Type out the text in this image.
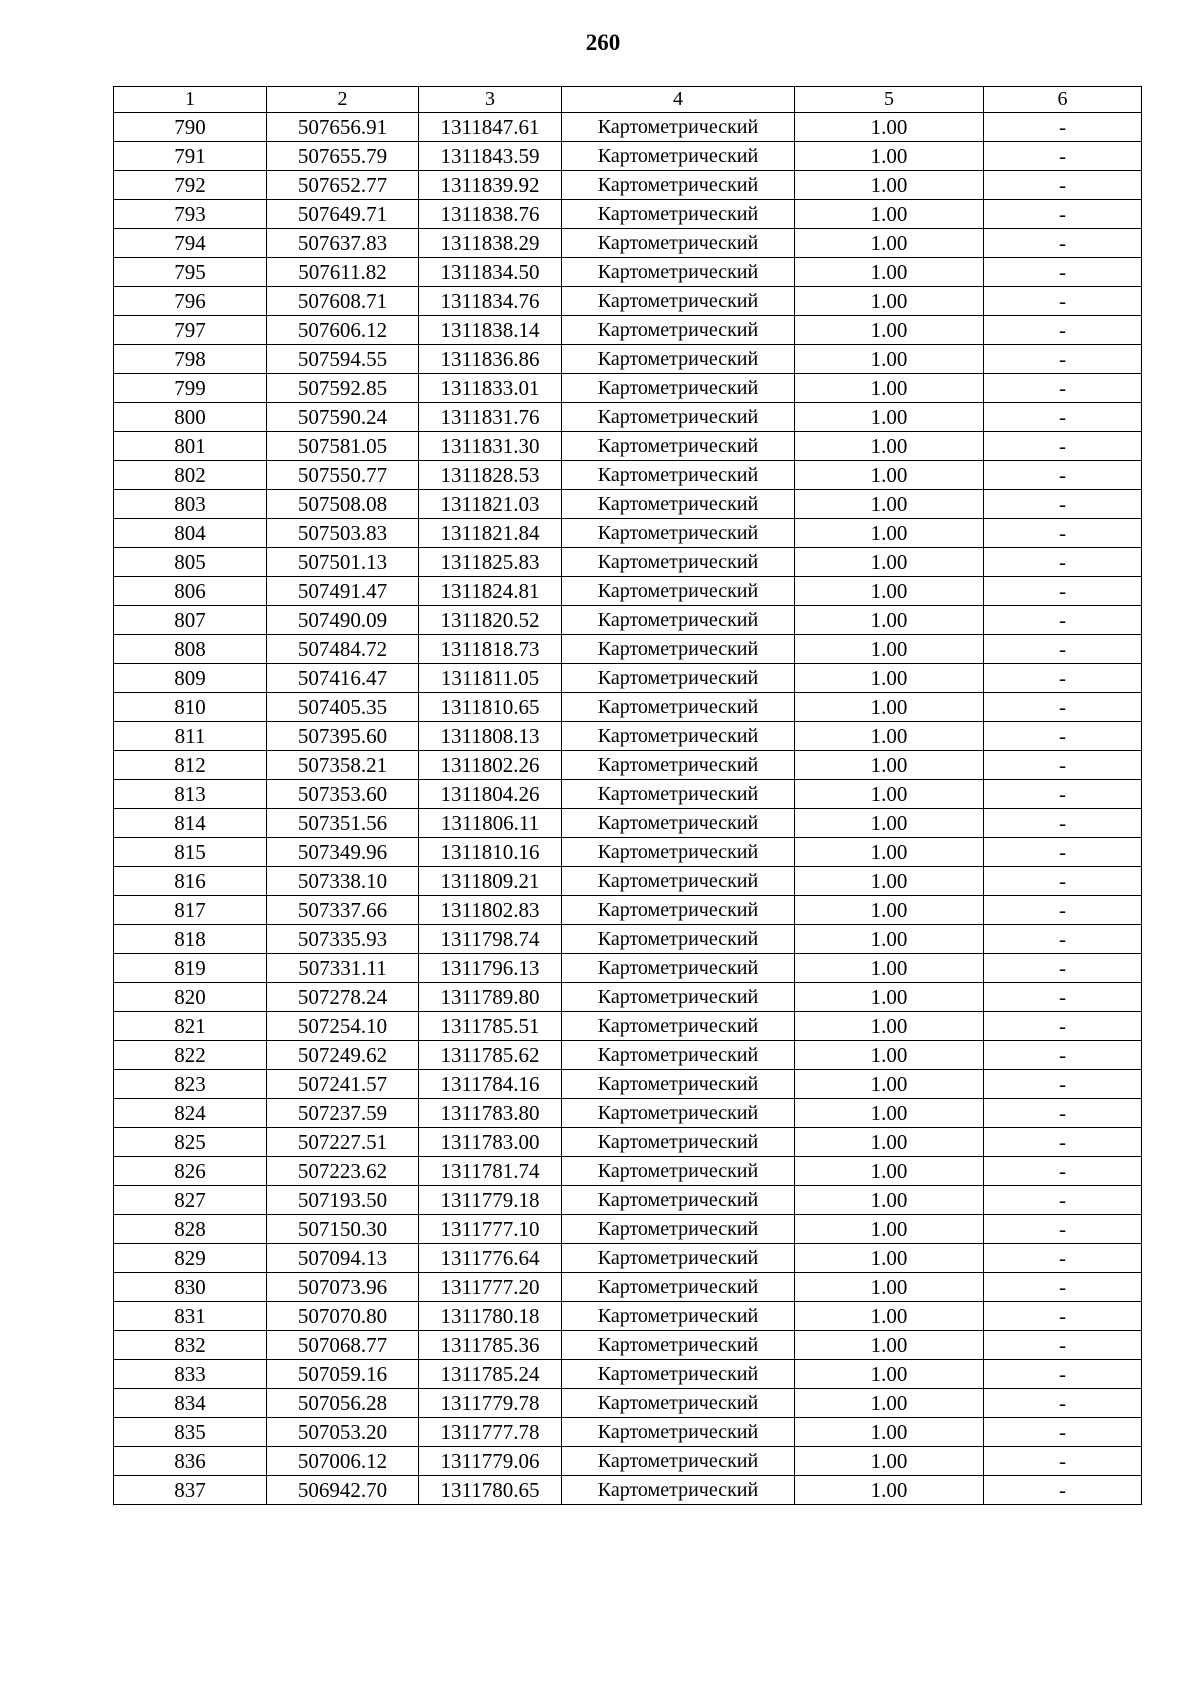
260
1	2	3	4	5	6
790	507656.91	1311847.61	Картометрический	1.00	-
791	507655.79	1311843.59	Картометрический	1.00	-
792	507652.77	1311839.92	Картометрический	1.00	-
793	507649.71	1311838.76	Картометрический	1.00	-
794	507637.83	1311838.29	Картометрический	1.00	-
795	507611.82	1311834.50	Картометрический	1.00	-
796	507608.71	1311834.76	Картометрический	1.00	-
797	507606.12	1311838.14	Картометрический	1.00	-
798	507594.55	1311836.86	Картометрический	1.00	-
799	507592.85	1311833.01	Картометрический	1.00	-
800	507590.24	1311831.76	Картометрический	1.00	-
801	507581.05	1311831.30	Картометрический	1.00	-
802	507550.77	1311828.53	Картометрический	1.00	-
803	507508.08	1311821.03	Картометрический	1.00	-
804	507503.83	1311821.84	Картометрический	1.00	-
805	507501.13	1311825.83	Картометрический	1.00	-
806	507491.47	1311824.81	Картометрический	1.00	-
807	507490.09	1311820.52	Картометрический	1.00	-
808	507484.72	1311818.73	Картометрический	1.00	-
809	507416.47	1311811.05	Картометрический	1.00	-
810	507405.35	1311810.65	Картометрический	1.00	-
811	507395.60	1311808.13	Картометрический	1.00	-
812	507358.21	1311802.26	Картометрический	1.00	-
813	507353.60	1311804.26	Картометрический	1.00	-
814	507351.56	1311806.11	Картометрический	1.00	-
815	507349.96	1311810.16	Картометрический	1.00	-
816	507338.10	1311809.21	Картометрический	1.00	-
817	507337.66	1311802.83	Картометрический	1.00	-
818	507335.93	1311798.74	Картометрический	1.00	-
819	507331.11	1311796.13	Картометрический	1.00	-
820	507278.24	1311789.80	Картометрический	1.00	-
821	507254.10	1311785.51	Картометрический	1.00	-
822	507249.62	1311785.62	Картометрический	1.00	-
823	507241.57	1311784.16	Картометрический	1.00	-
824	507237.59	1311783.80	Картометрический	1.00	-
825	507227.51	1311783.00	Картометрический	1.00	-
826	507223.62	1311781.74	Картометрический	1.00	-
827	507193.50	1311779.18	Картометрический	1.00	-
828	507150.30	1311777.10	Картометрический	1.00	-
829	507094.13	1311776.64	Картометрический	1.00	-
830	507073.96	1311777.20	Картометрический	1.00	-
831	507070.80	1311780.18	Картометрический	1.00	-
832	507068.77	1311785.36	Картометрический	1.00	-
833	507059.16	1311785.24	Картометрический	1.00	-
834	507056.28	1311779.78	Картометрический	1.00	-
835	507053.20	1311777.78	Картометрический	1.00	-
836	507006.12	1311779.06	Картометрический	1.00	-
837	506942.70	1311780.65	Картометрический	1.00	-
